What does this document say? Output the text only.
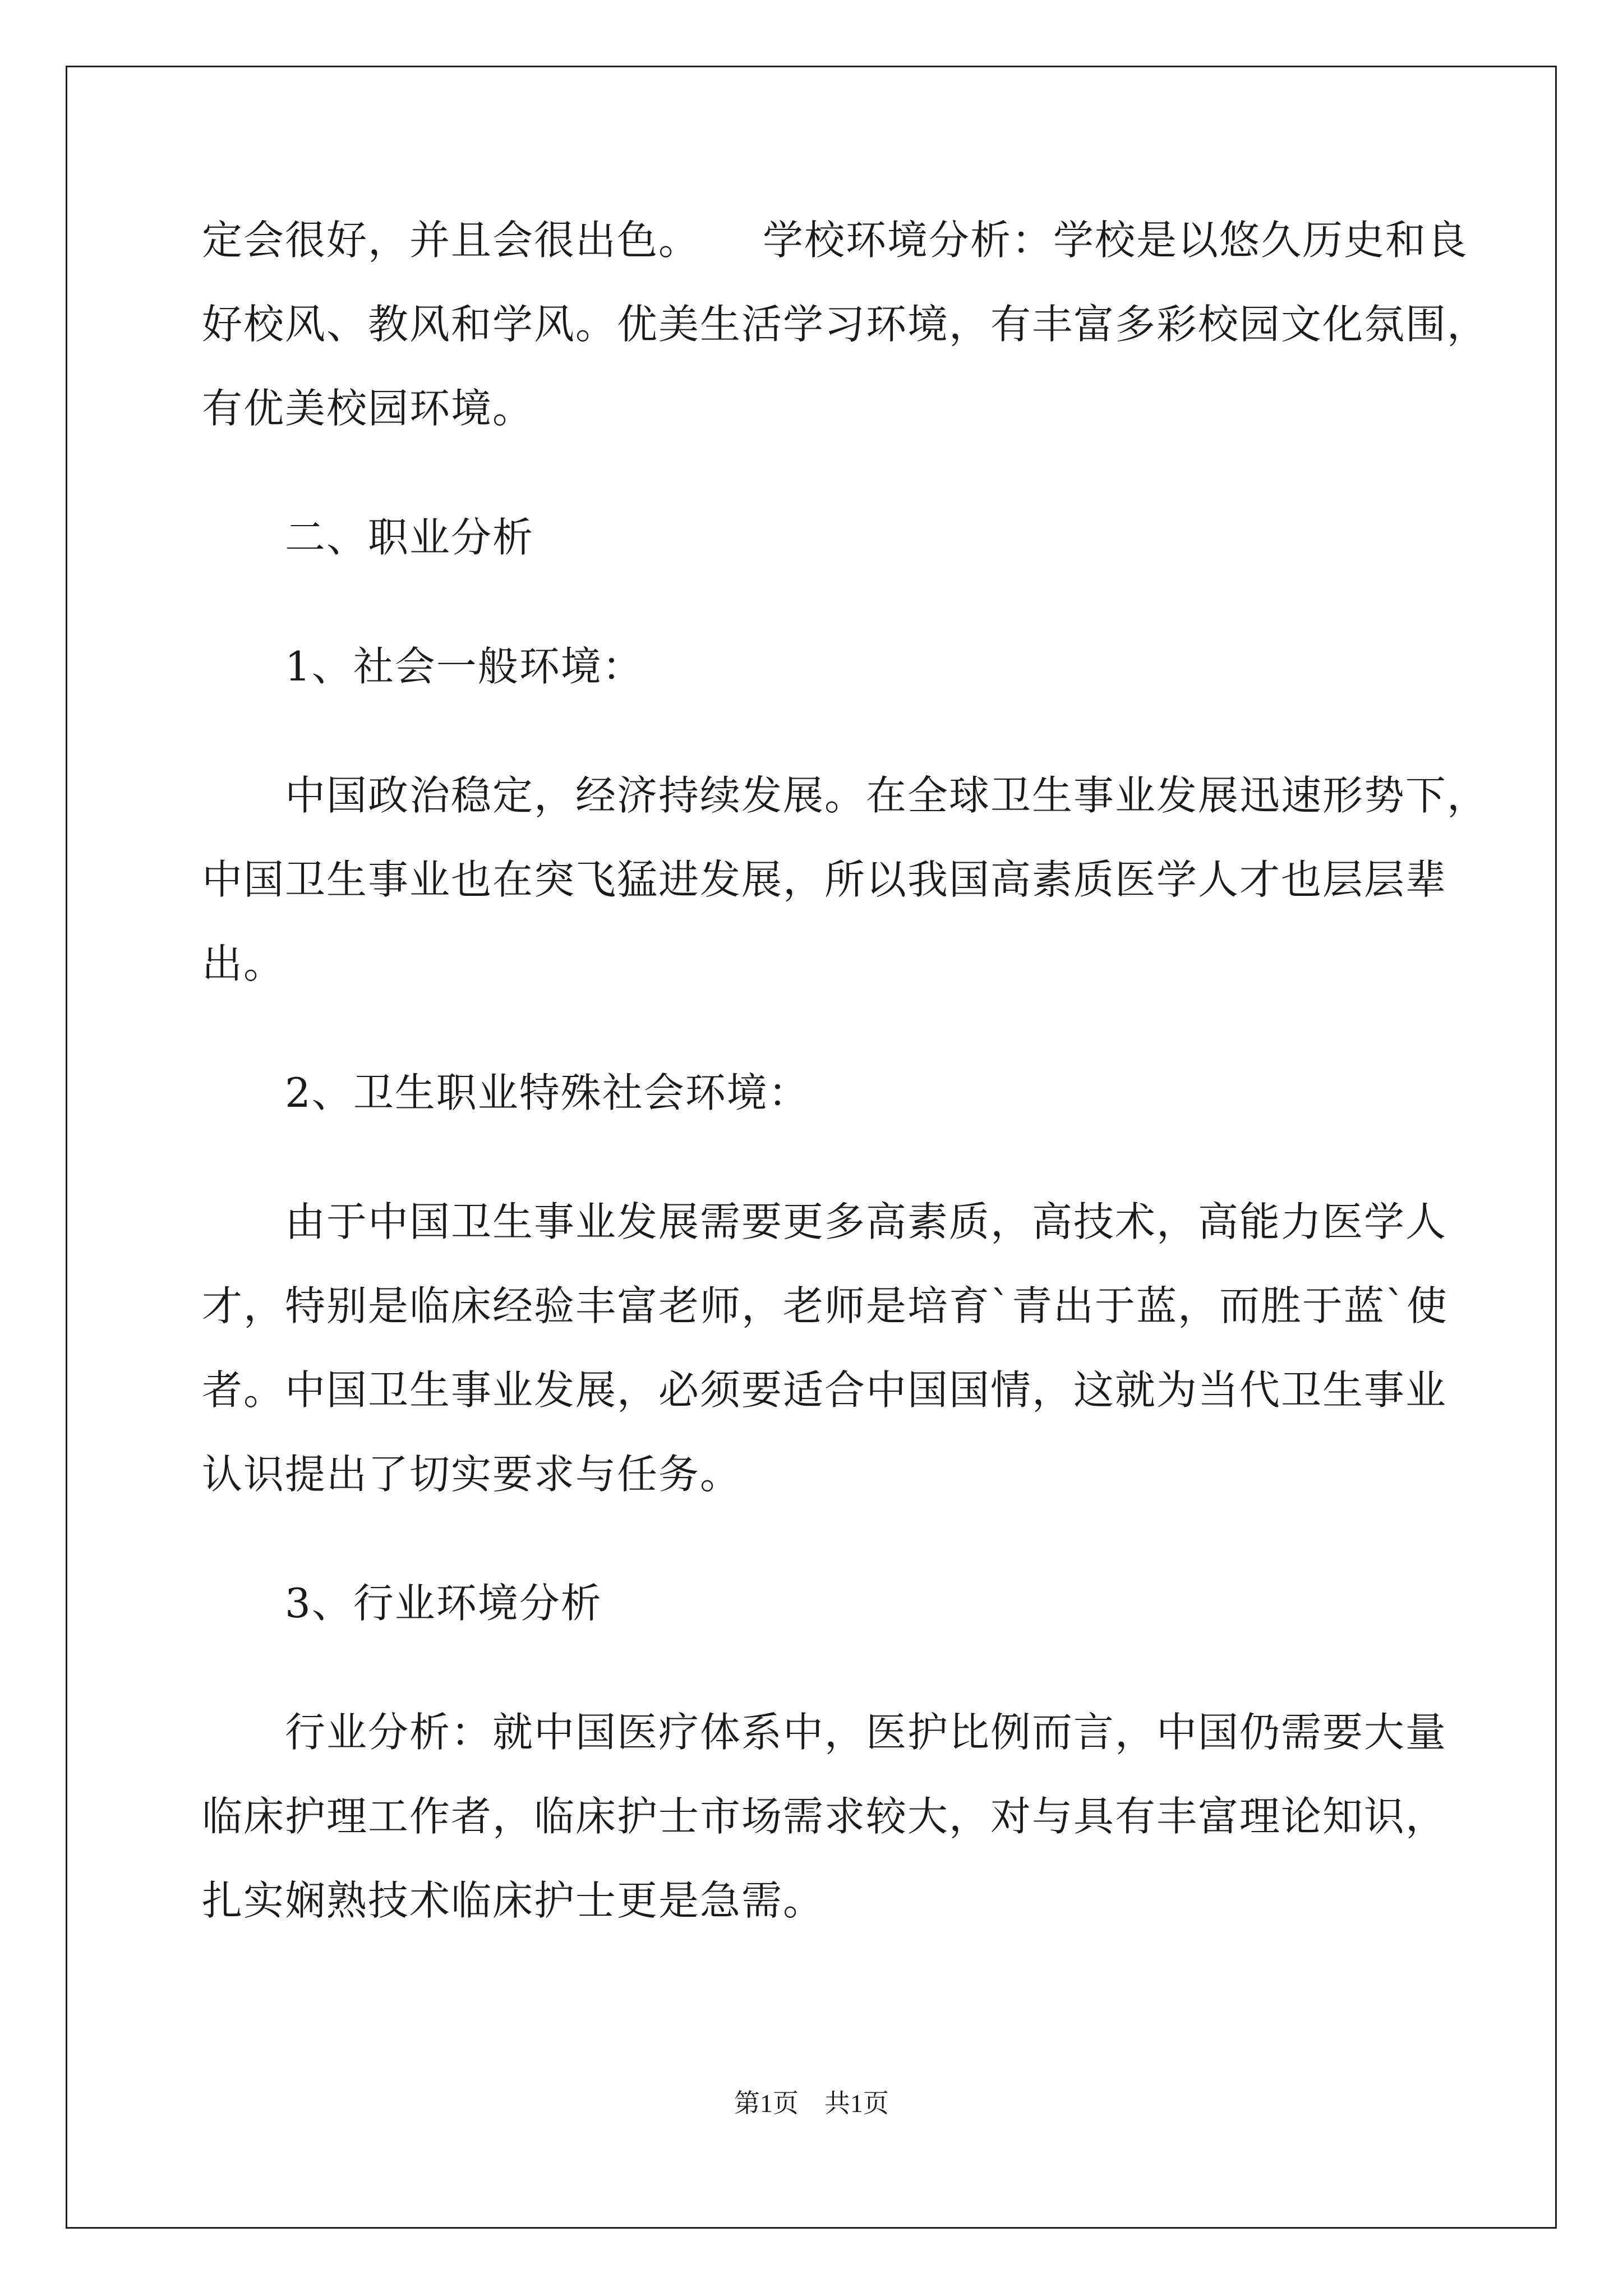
定会很好，并且会很出色。　　学校环境分析：学校是以悠久历史和良
好校风、教风和学风。优美生活学习环境，有丰富多彩校园文化氛围，
有优美校园环境。
　　二、职业分析
　　1、社会一般环境：
　　中国政治稳定，经济持续发展。在全球卫生事业发展迅速形势下，
中国卫生事业也在突飞猛进发展，所以我国高素质医学人才也层层辈
出。
　　2、卫生职业特殊社会环境：
　　由于中国卫生事业发展需要更多高素质，高技术，高能力医学人
才，特别是临床经验丰富老师，老师是培育`青出于蓝，而胜于蓝`使
者。中国卫生事业发展，必须要适合中国国情，这就为当代卫生事业
认识提出了切实要求与任务。
　　3、行业环境分析
　　行业分析：就中国医疗体系中，医护比例而言，中国仍需要大量
临床护理工作者，临床护士市场需求较大，对与具有丰富理论知识，
扎实娴熟技术临床护士更是急需。
第1页　共1页
